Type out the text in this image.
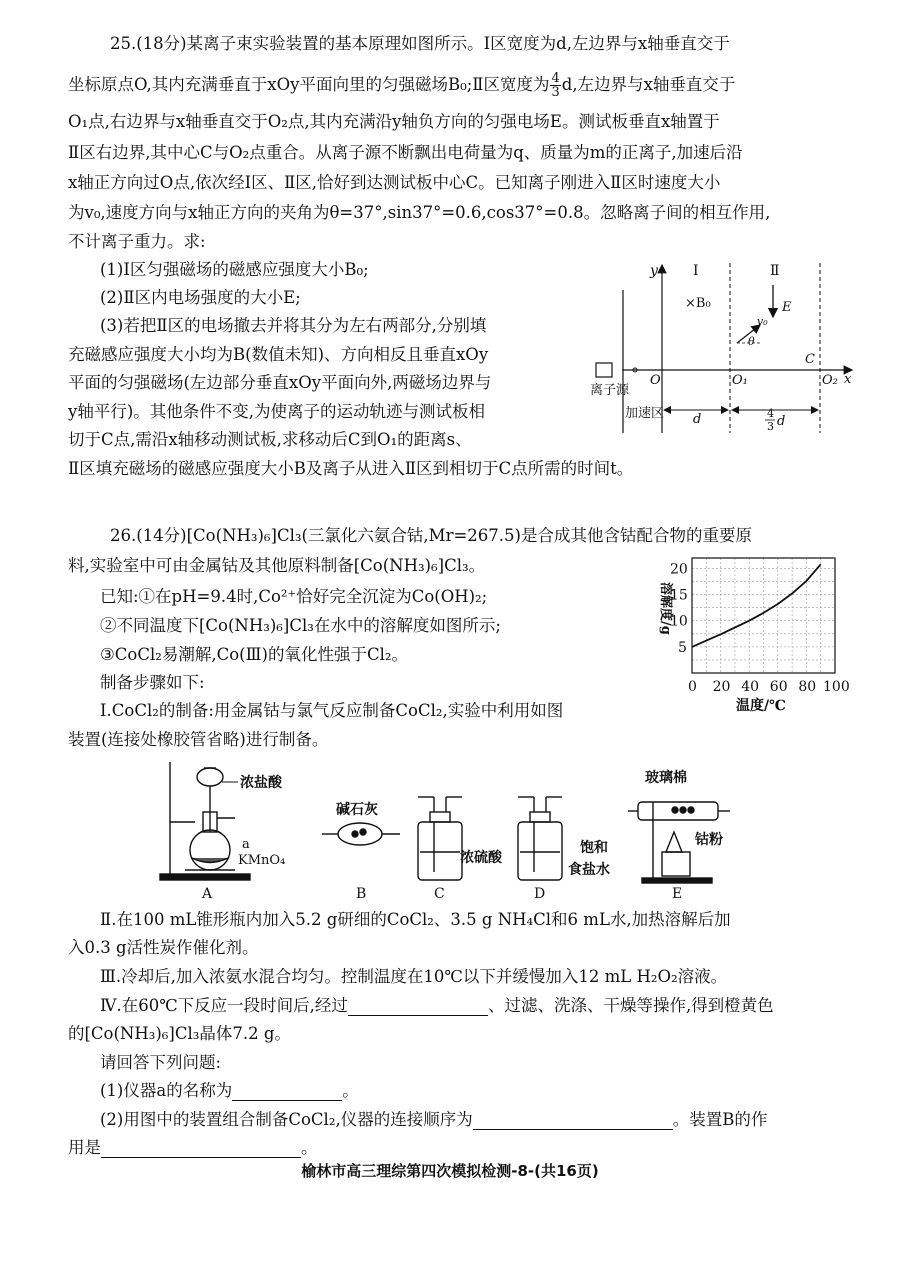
25.(18分)某离子束实验装置的基本原理如图所示。Ⅰ区宽度为d,左边界与x轴垂直交于
坐标原点O,其内充满垂直于xOy平面向里的匀强磁场B₀;Ⅱ区宽度为 $\frac{4}{3} d$,左边界与x轴垂直交于
O₁点,右边界与x轴垂直交于O₂点,其内充满沿y轴负方向的匀强电场E。测试板垂直x轴置于
Ⅱ区右边界,其中心C与O₂点重合。从离子源不断飘出电荷量为q、质量为m的正离子,加速后沿
x轴正方向过O点,依次经Ⅰ区、Ⅱ区,恰好到达测试板中心C。已知离子刚进入Ⅱ区时速度大小
为v₀,速度方向与x轴正方向的夹角为θ=37°,sin37°=0.6,cos37°=0.8。忽略离子间的相互作用,
不计离子重力。求:
(1)Ⅰ区匀强磁场的磁感应强度大小B₀;
(2)Ⅱ区内电场强度的大小E;
(3)若把Ⅱ区的电场撤去并将其分为左右两部分,分别填
充磁感应强度大小均为B(数值未知)、方向相反且垂直xOy
平面的匀强磁场(左边部分垂直xOy平面向外,两磁场边界与
y轴平行)。其他条件不变,为使离子的运动轨迹与测试板相
切于C点,需沿x轴移动测试板,求移动后C到O₁的距离s、
Ⅱ区填充磁场的磁感应强度大小B及离子从进入Ⅱ区到相切于C点所需的时间t。
y
x
Ⅰ	Ⅱ
×B₀	E
v₀
θ
C
O	O₁	O₂
离子源
加速区 d	4
3 d
26.(14分)[Co(NH₃)₆]Cl₃(三氯化六氨合钴,Mr=267.5)是合成其他含钴配合物的重要原
料,实验室中可由金属钴及其他原料制备[Co(NH₃)₆]Cl₃。
已知:①在pH=9.4时,Co²⁺恰好完全沉淀为Co(OH)₂;
②不同温度下[Co(NH₃)₆]Cl₃在水中的溶解度如图所示;
③CoCl₂易潮解,Co(Ⅲ)的氧化性强于Cl₂。
制备步骤如下:
Ⅰ.CoCl₂的制备:用金属钴与氯气反应制备CoCl₂,实验中利用如图
装置(连接处橡胶管省略)进行制备。
0 20 40 60 80 100
5
10
15
20
溶解度/g
温度/℃
浓盐酸
a
KMnO₄
碱石灰
浓硫酸
饱和
食盐水
玻璃棉
钴粉
A	B	C	D	E
Ⅱ.在100 mL锥形瓶内加入5.2 g研细的CoCl₂、3.5 g NH₄Cl和6 mL水,加热溶解后加
入0.3 g活性炭作催化剂。
Ⅲ.冷却后,加入浓氨水混合均匀。控制温度在10℃以下并缓慢加入12 mL H₂O₂溶液。
Ⅳ.在60℃下反应一段时间后,经过	、过滤、洗涤、干燥等操作,得到橙黄色
的[Co(NH₃)₆]Cl₃晶体7.2 g。
请回答下列问题:
(1)仪器a的名称为	。
(2)用图中的装置组合制备CoCl₂,仪器的连接顺序为	。装置B的作
用是	。
榆林市高三理综第四次模拟检测-8-(共16页)
